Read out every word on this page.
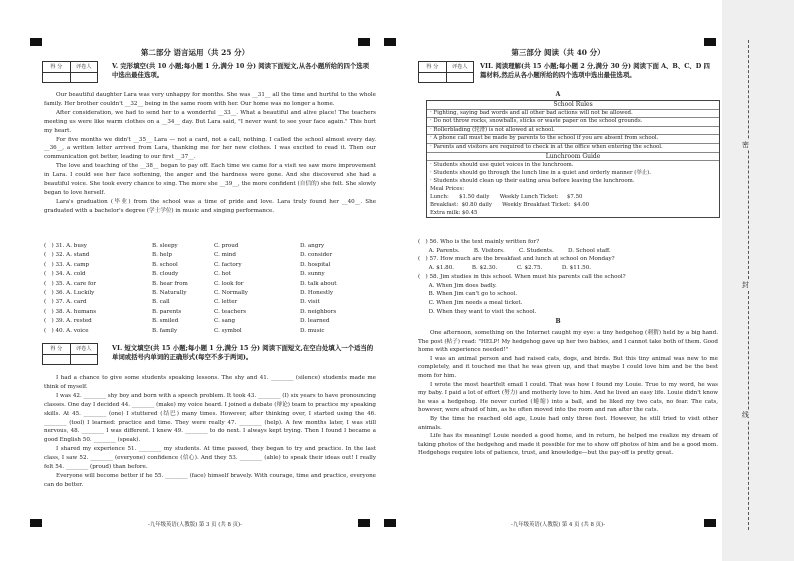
第二部分 语言运用（共 25 分）
得 分	评卷人	V. 完形填空(共 10 小题;每小题 1 分,满分 10 分) 阅读下面短文,从各小题所给的四个选项中选出最佳选项。
Our beautiful daughter Lara was very unhappy for months. She was __31__ all the time and hurtful to the whole family. Her brother couldn't __32__ being in the same room with her. Our home was no longer a home.
After consideration, we had to send her to a wonderful __33__. What a beautiful and alive place! The teachers meeting us were like warm clothes on a __34__ day. But Lara said, "I never want to see your face again." This hurt my heart.
For five months we didn't __35__ Lara — not a card, not a call, nothing. I called the school almost every day. __36__, a written letter arrived from Lara, thanking me for her new clothes. I was excited to read it. Then our communication got better, leading to our first __37__.
The love and teaching of the __38__ began to pay off. Each time we came for a visit we saw more improvement in Lara. I could see her face softening, the anger and the hardness were gone. And she discovered she had a beautiful voice. She took every chance to sing. The more she __39__, the more confident (自信的) she felt. She slowly began to love herself.
Lara's graduation (毕业) from the school was a time of pride and love. Lara truly found her __40__. She graduated with a bachelor's degree (学士学位) in music and singing performance.
(   ) 31. A. busy	B. sleepy	C. proud	D. angry
(   ) 32. A. stand	B. help	C. mind	D. consider
(   ) 33. A. camp	B. school	C. factory	D. hospital
(   ) 34. A. cold	B. cloudy	C. hot	D. sunny
(   ) 35. A. care for	B. hear from	C. look for	D. talk about
(   ) 36. A. Luckily	B. Naturally	C. Normally	D. Honestly
(   ) 37. A. card	B. call	C. letter	D. visit
(   ) 38. A. humans	B. parents	C. teachers	D. neighbors
(   ) 39. A. rested	B. smiled	C. sang	D. learned
(   ) 40. A. voice	B. family	C. symbol	D. music
得 分	评卷人	VI. 短文填空(共 15 小题;每小题 1 分,满分 15 分) 阅读下面短文,在空白处填入一个适当的单词或括号内单词的正确形式(每空不多于两词)。
I had a chance to give some students speaking lessons. The shy and 41. ________ (silence) students made me think of myself.
I was 42. ________ shy boy and born with a speech problem. It took 43. ________ (I) six years to have pronouncing classes. One day I decided 44. ________ (make) my voice heard. I joined a debate (辩论) team to practice my speaking skills. At 45. ________ (one) I stuttered (结巴) many times. However, after thinking over, I started using the 46. ________ (tool) I learned: practice and time. They were really 47. ________ (help). A few months later, I was still nervous, 48. ________ I was different. I knew 49. ________ to do next. I always kept trying. Then I found I became a good English 50. ________ (speak).
I shared my experience 51. ________ my students. At time passed, they began to try and practice. In the last class, I saw 52. ________ (everyone) confidence (信心). And they 53. ________ (able) to speak their ideas out! I really felt 54. ________ (proud) than before.
Everyone will become better if he 55. ________ (face) himself bravely. With courage, time and practice, everyone can do better.
-九年级英语(人教版) 第 3 页 (共 8 页)-
第三部分 阅读（共 40 分）
得 分	评卷人	VII. 阅读理解(共 15 小题;每小题 2 分,满分 30 分) 阅读下面 A、B、C、D 四篇材料,然后从各小题所给的四个选项中选出最佳选项。
A
School Rules
· Fighting, saying bad words and all other bad actions will not be allowed.
· Do not throw rocks, snowballs, sticks or waste paper on the school grounds.
· Rollerblading (轮滑) is not allowed at school.
· A phone call must be made by parents to the school if you are absent from school.
· Parents and visitors are required to check in at the office when entering the school.
Lunchroom Guide
· Students should use quiet voices in the lunchroom.
· Students should go through the lunch line in a quiet and orderly manner (举止).
· Students should clean up their eating area before leaving the lunchroom.
Meal Prices:
Lunch:      $1.50 daily      Weekly Lunch Ticket:     $7.50
Breakfast:  $0.80 daily      Weekly Breakfast Ticket:  $4.00
Extra milk: $0.45
(   ) 56. Who is the text mainly written for?
A. Parents.        B. Visitors.        C. Students.        D. School staff.
(   ) 57. How much are the breakfast and lunch at school on Monday?
A. $1.80.          B. $2.30.           C. $2.75.           D. $11.50.
(   ) 58. Jim studies in this school. When must his parents call the school?
A. When Jim does badly.
B. When Jim can't go to school.
C. When Jim needs a meal ticket.
D. When they want to visit the school.
B
One afternoon, something on the Internet caught my eye: a tiny hedgehog (刺猬) held by a big hand. The post (帖子) read: "HELP! My hedgehog gave up her two babies, and I cannot take both of them. Good home with experience needed!"
I was an animal person and had raised cats, dogs, and birds. But this tiny animal was new to me completely, and it touched me that he was given up, and that maybe I could love him and be the best mom for him.
I wrote the most heartfelt email I could. That was how I found my Louie. True to my word, he was my baby. I paid a lot of effort (努力) and motherly love to him. And he lived an easy life. Louie didn't know he was a hedgehog. He never curled (蜷缩) into a ball, and he liked my two cats, no fear. The cats, however, were afraid of him, as he often moved into the room and ran after the cats.
By the time he reached old age, Louie had only three feet. However, he still tried to visit other animals.
Life has its meaning! Louie needed a good home, and in return, he helped me realize my dream of taking photos of the hedgehog and made it possible for me to show off photos of him and be a good mom. Hedgehogs require lots of patience, trust, and knowledge—but the pay-off is pretty great.
-九年级英语(人教版) 第 4 页 (共 8 页)-
密
封
线
